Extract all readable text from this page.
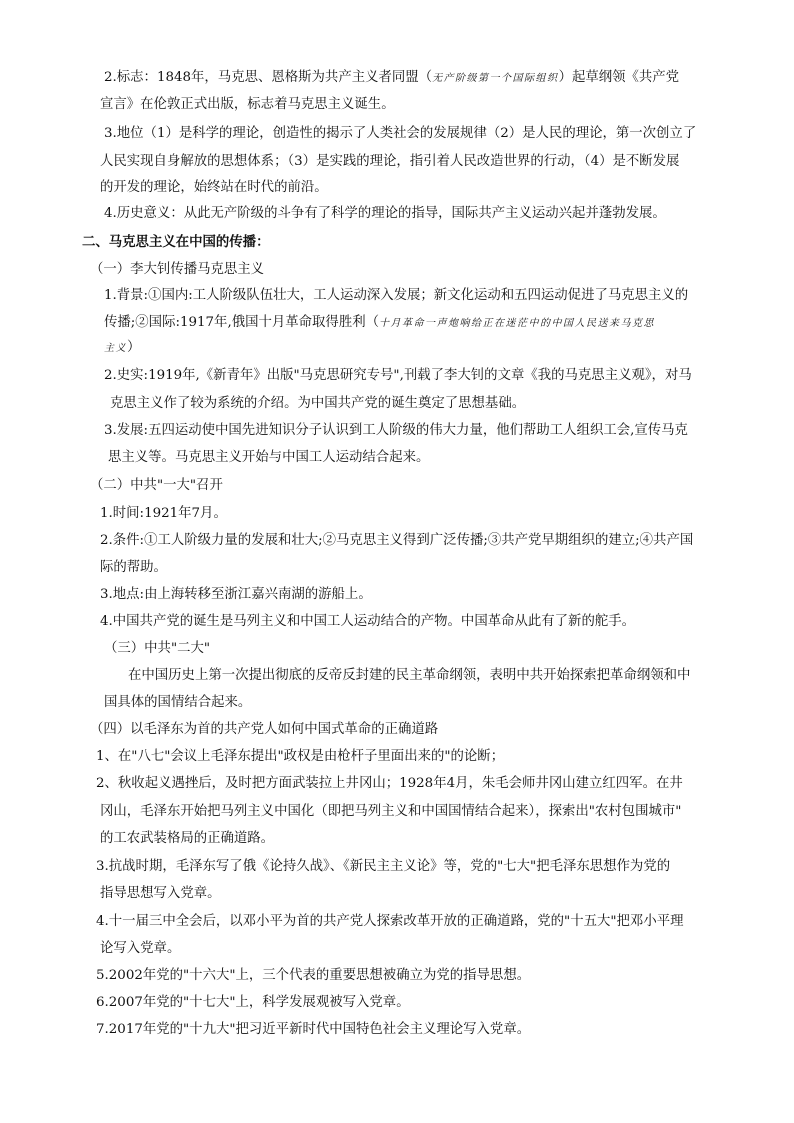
2.标志：1848年，马克思、恩格斯为共产主义者同盟（无产阶级第一个国际组织）起草纲领《共产党

宣言》在伦敦正式出版，标志着马克思主义诞生。

3.地位（1）是科学的理论，创造性的揭示了人类社会的发展规律（2）是人民的理论，第一次创立了

人民实现自身解放的思想体系；（3）是实践的理论，指引着人民改造世界的行动，（4）是不断发展

的开发的理论，始终站在时代的前沿。

4.历史意义：从此无产阶级的斗争有了科学的理论的指导，国际共产主义运动兴起并蓬勃发展。

二、马克思主义在中国的传播：

（一）李大钊传播马克思主义

1.背景:①国内:工人阶级队伍壮大，工人运动深入发展；新文化运动和五四运动促进了马克思主义的

传播;②国际:1917年,俄国十月革命取得胜利（十月革命一声炮响给正在迷茫中的中国人民送来马克思

主义）

2.史实:1919年,《新青年》出版"马克思研究专号",刊载了李大钊的文章《我的马克思主义观》，对马

克思主义作了较为系统的介绍。为中国共产党的诞生奠定了思想基础。

3.发展:五四运动使中国先进知识分子认识到工人阶级的伟大力量，他们帮助工人组织工会,宣传马克

思主义等。马克思主义开始与中国工人运动结合起来。

（二）中共"一大"召开

1.时间:1921年7月。

2.条件:①工人阶级力量的发展和壮大;②马克思主义得到广泛传播;③共产党早期组织的建立;④共产国

际的帮助。

3.地点:由上海转移至浙江嘉兴南湖的游船上。

4.中国共产党的诞生是马列主义和中国工人运动结合的产物。中国革命从此有了新的舵手。

（三）中共"二大"

在中国历史上第一次提出彻底的反帝反封建的民主革命纲领，表明中共开始探索把革命纲领和中

国具体的国情结合起来。

（四）以毛泽东为首的共产党人如何中国式革命的正确道路

1、在"八七"会议上毛泽东提出"政权是由枪杆子里面出来的"的论断；

2、秋收起义遇挫后，及时把方面武装拉上井冈山；1928年4月，朱毛会师井冈山建立红四军。在井

冈山，毛泽东开始把马列主义中国化（即把马列主义和中国国情结合起来），探索出"农村包围城市"

的工农武装格局的正确道路。

3.抗战时期，毛泽东写了俄《论持久战》、《新民主主义论》等，党的"七大"把毛泽东思想作为党的

指导思想写入党章。

4.十一届三中全会后，以邓小平为首的共产党人探索改革开放的正确道路，党的"十五大"把邓小平理

论写入党章。

5.2002年党的"十六大"上，三个代表的重要思想被确立为党的指导思想。

6.2007年党的"十七大"上，科学发展观被写入党章。

7.2017年党的"十九大"把习近平新时代中国特色社会主义理论写入党章。
